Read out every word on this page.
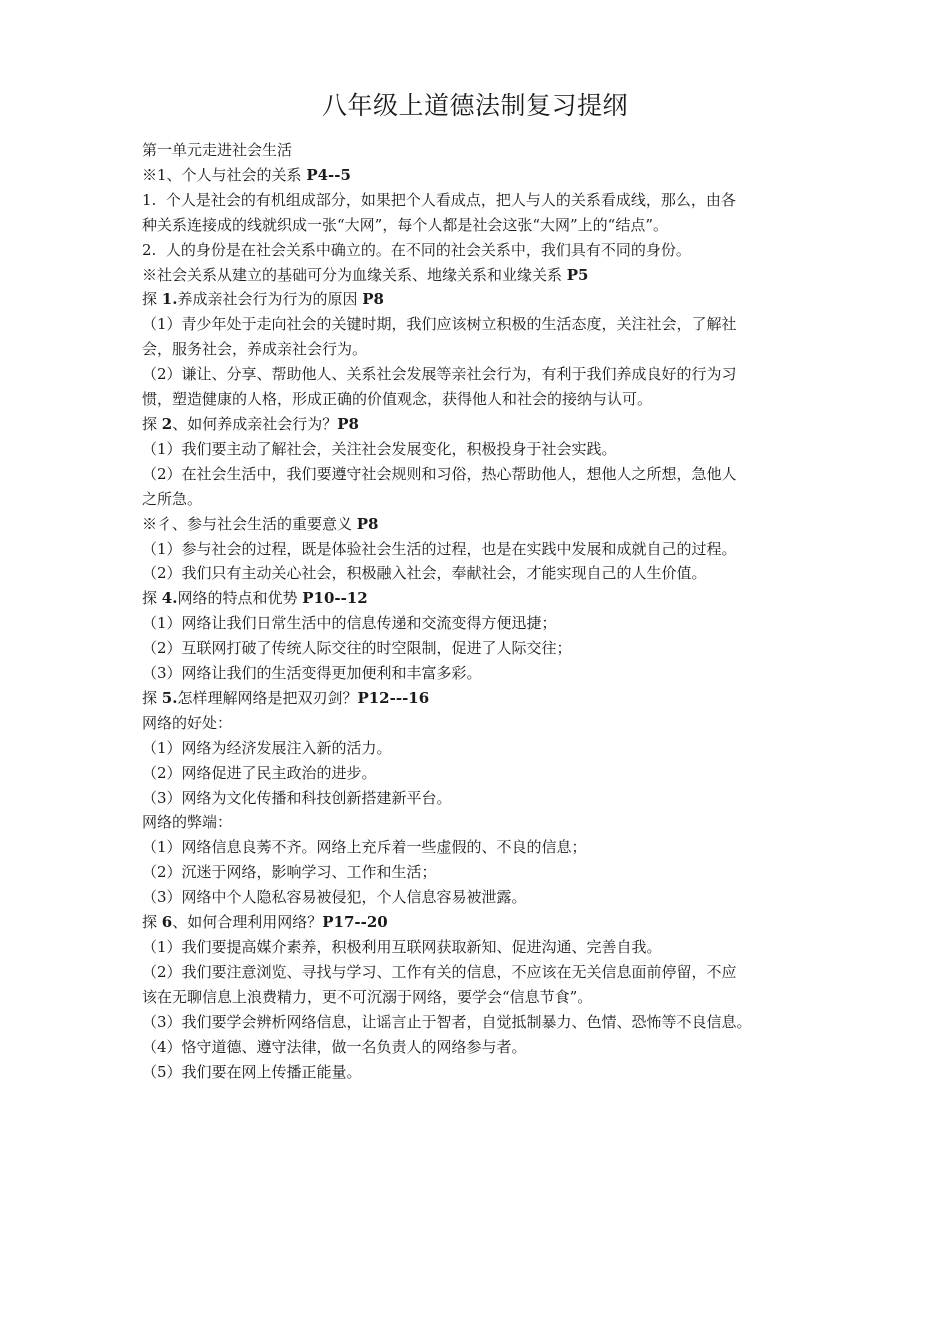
八年级上道德法制复习提纲

第一单元走进社会生活

※1、个人与社会的关系 P4--5

1.  个人是社会的有机组成部分，如果把个人看成点，把人与人的关系看成线，那么，由各

种关系连接成的线就织成一张“大网”，每个人都是社会这张“大网”上的“结点”。

2.  人的身份是在社会关系中确立的。在不同的社会关系中，我们具有不同的身份。

※社会关系从建立的基础可分为血缘关系、地缘关系和业缘关系 P5

探 1.养成亲社会行为行为的原因 P8

（1）青少年处于走向社会的关键时期，我们应该树立积极的生活态度，关注社会，了解社

会，服务社会，养成亲社会行为。

（2）谦让、分享、帮助他人、关系社会发展等亲社会行为，有利于我们养成良好的行为习

惯，塑造健康的人格，形成正确的价值观念，获得他人和社会的接纳与认可。

探 2、如何养成亲社会行为？P8

（1）我们要主动了解社会，关注社会发展变化，积极投身于社会实践。

（2）在社会生活中，我们要遵守社会规则和习俗，热心帮助他人，想他人之所想，急他人

之所急。

※彳、参与社会生活的重要意义 P8

（1）参与社会的过程，既是体验社会生活的过程，也是在实践中发展和成就自己的过程。

（2）我们只有主动关心社会，积极融入社会，奉献社会，才能实现自己的人生价值。

探 4.网络的特点和优势 P10--12

（1）网络让我们日常生活中的信息传递和交流变得方便迅捷；

（2）互联网打破了传统人际交往的时空限制，促进了人际交往；

（3）网络让我们的生活变得更加便利和丰富多彩。

探 5.怎样理解网络是把双刃剑？P12---16

网络的好处：

（1）网络为经济发展注入新的活力。

（2）网络促进了民主政治的进步。

（3）网络为文化传播和科技创新搭建新平台。

网络的弊端：

（1）网络信息良莠不齐。网络上充斥着一些虚假的、不良的信息；

（2）沉迷于网络，影响学习、工作和生活；

（3）网络中个人隐私容易被侵犯，个人信息容易被泄露。

探 6、如何合理利用网络？P17--20

（1）我们要提高媒介素养，积极利用互联网获取新知、促进沟通、完善自我。

（2）我们要注意浏览、寻找与学习、工作有关的信息，不应该在无关信息面前停留，不应

该在无聊信息上浪费精力，更不可沉溺于网络，要学会“信息节食”。

（3）我们要学会辨析网络信息，让谣言止于智者，自觉抵制暴力、色情、恐怖等不良信息。

（4）恪守道德、遵守法律，做一名负责人的网络参与者。

（5）我们要在网上传播正能量。
